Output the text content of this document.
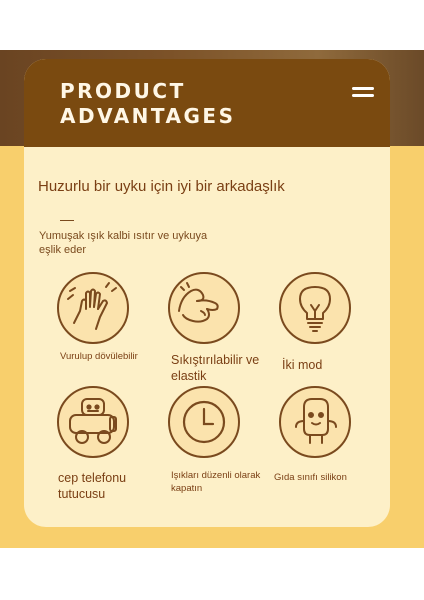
PRODUCT ADVANTAGES
Huzurlu bir uyku için iyi bir arkadaşlık
Yumuşak ışık kalbi ısıtır ve uykuya eşlik eder
Vurulup dövülebilir	Sıkıştırılabilir ve elastik
İki mod
cep telefonu tutucusu
Işıkları düzenli olarak kapatın
Gıda sınıfı silikon
